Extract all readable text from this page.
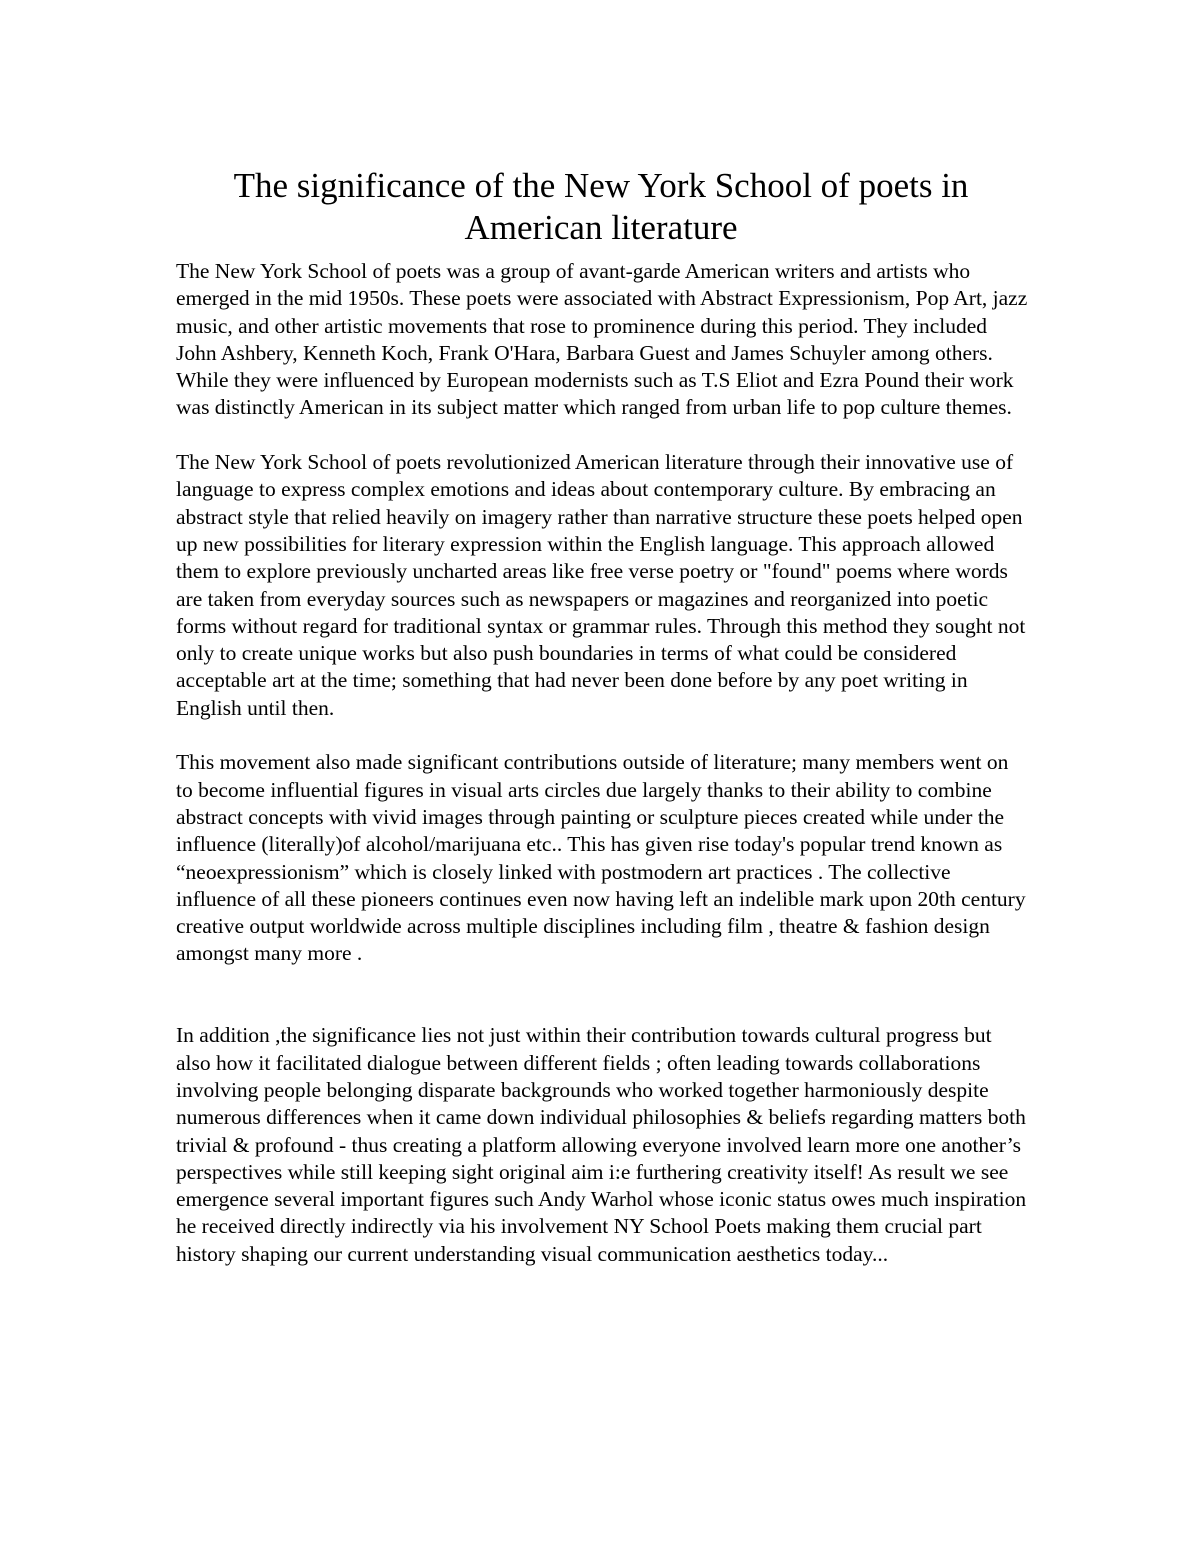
The significance of the New York School of poets in American literature

The New York School of poets was a group of avant-garde American writers and artists who emerged in the mid 1950s. These poets were associated with Abstract Expressionism, Pop Art, jazz music, and other artistic movements that rose to prominence during this period. They included John Ashbery, Kenneth Koch, Frank O'Hara, Barbara Guest and James Schuyler among others. While they were influenced by European modernists such as T.S Eliot and Ezra Pound their work was distinctly American in its subject matter which ranged from urban life to pop culture themes.

The New York School of poets revolutionized American literature through their innovative use of language to express complex emotions and ideas about contemporary culture. By embracing an abstract style that relied heavily on imagery rather than narrative structure these poets helped open up new possibilities for literary expression within the English language. This approach allowed them to explore previously uncharted areas like free verse poetry or "found" poems where words are taken from everyday sources such as newspapers or magazines and reorganized into poetic forms without regard for traditional syntax or grammar rules. Through this method they sought not only to create unique works but also push boundaries in terms of what could be considered acceptable art at the time; something that had never been done before by any poet writing in English until then.

This movement also made significant contributions outside of literature; many members went on to become influential figures in visual arts circles due largely thanks to their ability to combine abstract concepts with vivid images through painting or sculpture pieces created while under the influence (literally)of alcohol/marijuana etc.. This has given rise today's popular trend known as “neoexpressionism” which is closely linked with postmodern art practices . The collective influence of all these pioneers continues even now having left an indelible mark upon 20th century creative output worldwide across multiple disciplines including film , theatre & fashion design amongst many more .

In addition ,the significance lies not just within their contribution towards cultural progress but also how it facilitated dialogue between different fields ; often leading towards collaborations involving people belonging disparate backgrounds who worked together harmoniously despite numerous differences when it came down individual philosophies & beliefs regarding matters both trivial & profound - thus creating a platform allowing everyone involved learn more one another’s perspectives while still keeping sight original aim i:e furthering creativity itself! As result we see emergence several important figures such Andy Warhol whose iconic status owes much inspiration he received directly indirectly via his involvement NY School Poets making them crucial part history shaping our current understanding visual communication aesthetics today...
